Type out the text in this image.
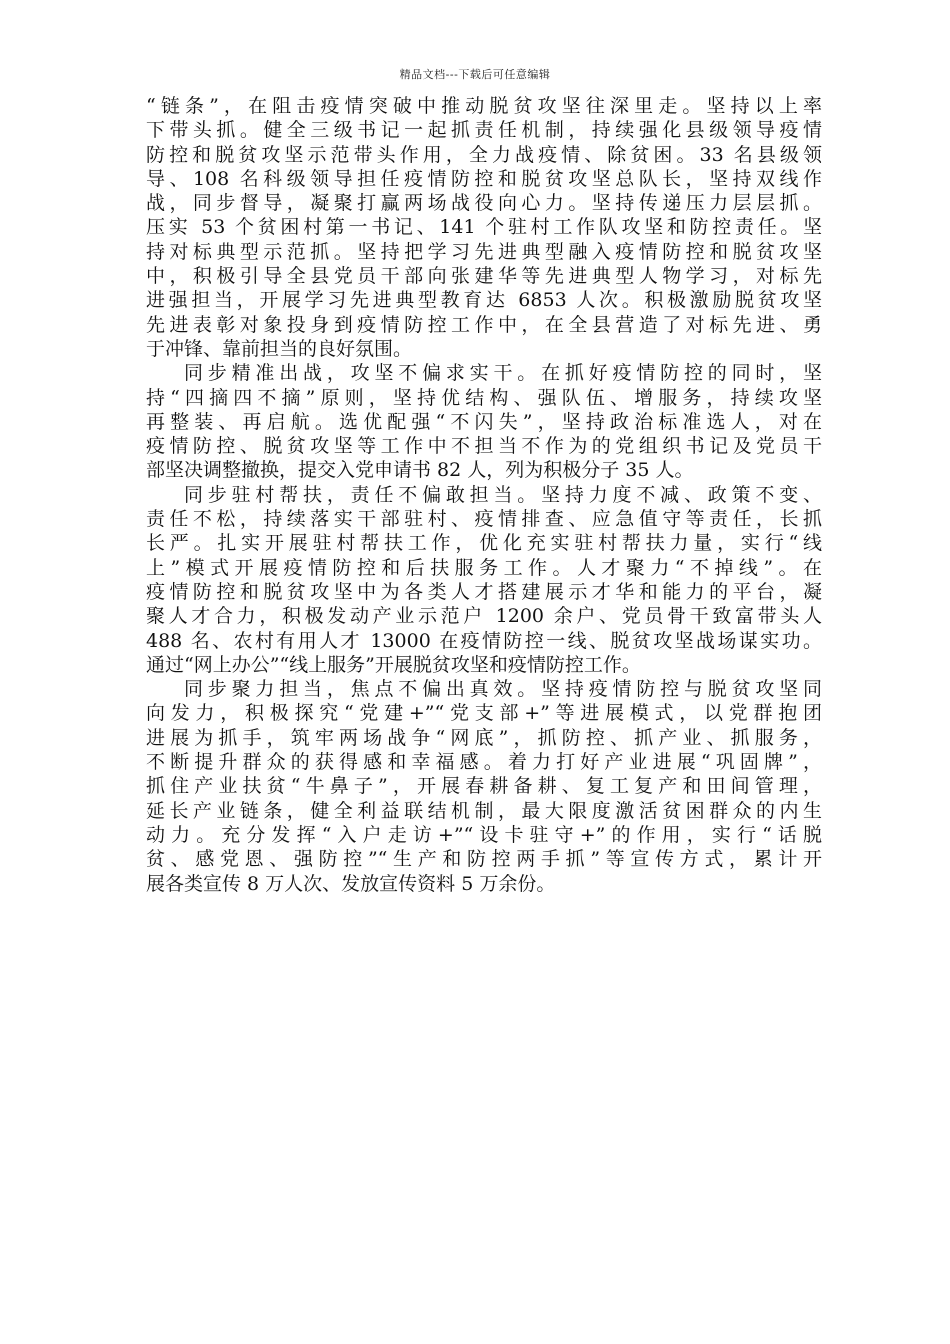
精品文档---下载后可任意编辑
“链条”，在阻击疫情突破中推动脱贫攻坚往深里走。坚持以上率
下带头抓。健全三级书记一起抓责任机制，持续强化县级领导疫情
防控和脱贫攻坚示范带头作用，全力战疫情、除贫困。33 名县级领
导、108 名科级领导担任疫情防控和脱贫攻坚总队长，坚持双线作
战，同步督导，凝聚打赢两场战役向心力。坚持传递压力层层抓。
压实 53 个贫困村第一书记、141 个驻村工作队攻坚和防控责任。坚
持对标典型示范抓。坚持把学习先进典型融入疫情防控和脱贫攻坚
中，积极引导全县党员干部向张建华等先进典型人物学习，对标先
进强担当，开展学习先进典型教育达 6853 人次。积极激励脱贫攻坚
先进表彰对象投身到疫情防控工作中，在全县营造了对标先进、勇
于冲锋、靠前担当的良好氛围。
同步精准出战，攻坚不偏求实干。在抓好疫情防控的同时，坚
持“四摘四不摘”原则，坚持优结构、强队伍、增服务，持续攻坚
再整装、再启航。选优配强“不闪失”，坚持政治标准选人，对在
疫情防控、脱贫攻坚等工作中不担当不作为的党组织书记及党员干
部坚决调整撤换，提交入党申请书 82 人，列为积极分子 35 人。
同步驻村帮扶，责任不偏敢担当。坚持力度不减、政策不变、
责任不松，持续落实干部驻村、疫情排查、应急值守等责任，长抓
长严。扎实开展驻村帮扶工作，优化充实驻村帮扶力量，实行“线
上”模式开展疫情防控和后扶服务工作。人才聚力“不掉线”。在
疫情防控和脱贫攻坚中为各类人才搭建展示才华和能力的平台，凝
聚人才合力，积极发动产业示范户 1200 余户、党员骨干致富带头人
488 名、农村有用人才 13000 在疫情防控一线、脱贫攻坚战场谋实功。
通过“网上办公”“线上服务”开展脱贫攻坚和疫情防控工作。
同步聚力担当，焦点不偏出真效。坚持疫情防控与脱贫攻坚同
向发力，积极探究“党建+”“党支部+”等进展模式，以党群抱团
进展为抓手，筑牢两场战争“网底”，抓防控、抓产业、抓服务，
不断提升群众的获得感和幸福感。着力打好产业进展“巩固牌”，
抓住产业扶贫“牛鼻子”，开展春耕备耕、复工复产和田间管理，
延长产业链条，健全利益联结机制，最大限度激活贫困群众的内生
动力。充分发挥“入户走访+”“设卡驻守+”的作用，实行“话脱
贫、感党恩、强防控”“生产和防控两手抓”等宣传方式，累计开
展各类宣传 8 万人次、发放宣传资料 5 万余份。
